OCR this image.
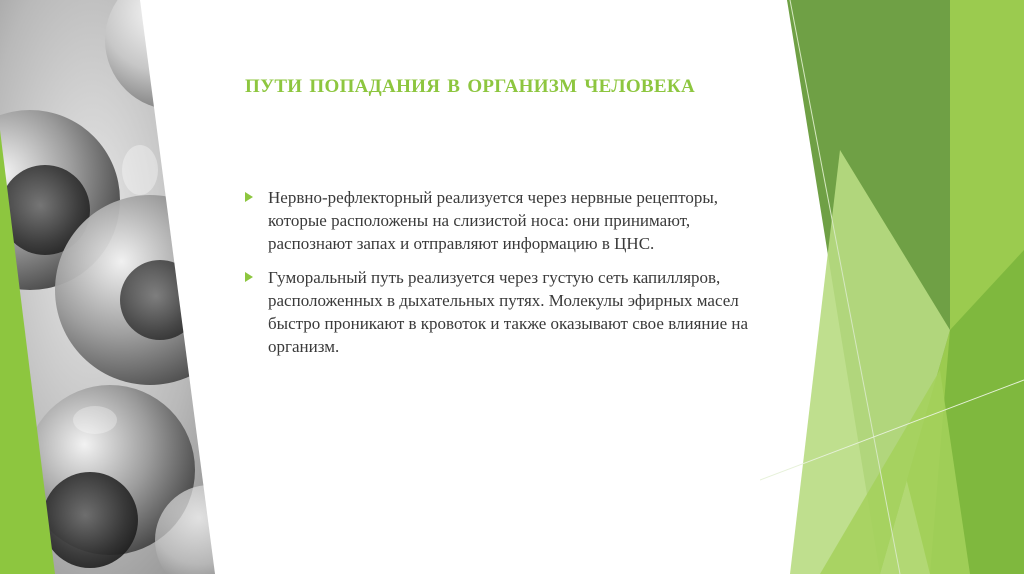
пути попадания в организм человека
Нервно-рефлекторный реализуется через нервные рецепторы, которые расположены на слизистой носа: они принимают, распознают запах и отправляют информацию в ЦНС.
Гуморальный путь реализуется через густую сеть капилляров, расположенных в дыхательных путях. Молекулы эфирных масел быстро проникают в кровоток и также оказывают свое влияние на организм.
